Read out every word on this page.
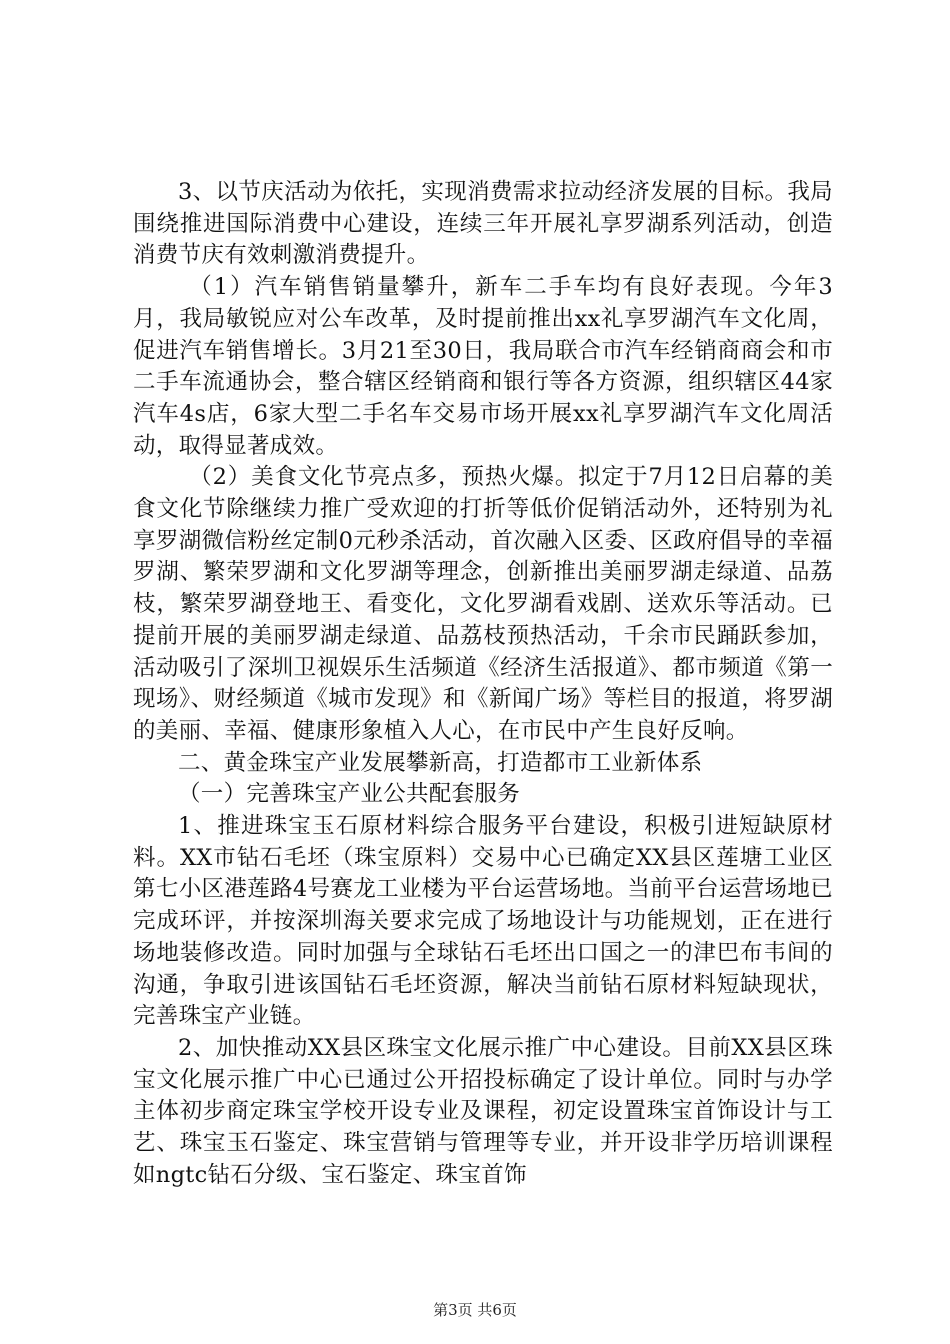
3、以节庆活动为依托，实现消费需求拉动经济发展的目标。我局围绕推进国际消费中心建设，连续三年开展礼享罗湖系列活动，创造消费节庆有效刺激消费提升。

（1）汽车销售销量攀升，新车二手车均有良好表现。今年3月，我局敏锐应对公车改革，及时提前推出xx礼享罗湖汽车文化周，促进汽车销售增长。3月21至30日，我局联合市汽车经销商商会和市二手车流通协会，整合辖区经销商和银行等各方资源，组织辖区44家汽车4s店，6家大型二手名车交易市场开展xx礼享罗湖汽车文化周活动，取得显著成效。

（2）美食文化节亮点多，预热火爆。拟定于7月12日启幕的美食文化节除继续力推广受欢迎的打折等低价促销活动外，还特别为礼享罗湖微信粉丝定制0元秒杀活动，首次融入区委、区政府倡导的幸福罗湖、繁荣罗湖和文化罗湖等理念，创新推出美丽罗湖走绿道、品荔枝，繁荣罗湖登地王、看变化，文化罗湖看戏剧、送欢乐等活动。已提前开展的美丽罗湖走绿道、品荔枝预热活动，千余市民踊跃参加，活动吸引了深圳卫视娱乐生活频道《经济生活报道》、都市频道《第一现场》、财经频道《城市发现》和《新闻广场》等栏目的报道，将罗湖的美丽、幸福、健康形象植入人心，在市民中产生良好反响。

二、黄金珠宝产业发展攀新高，打造都市工业新体系

（一）完善珠宝产业公共配套服务

1、推进珠宝玉石原材料综合服务平台建设，积极引进短缺原材料。XX市钻石毛坯（珠宝原料）交易中心已确定XX县区莲塘工业区第七小区港莲路4号赛龙工业楼为平台运营场地。当前平台运营场地已完成环评，并按深圳海关要求完成了场地设计与功能规划，正在进行场地装修改造。同时加强与全球钻石毛坯出口国之一的津巴布韦间的沟通，争取引进该国钻石毛坯资源，解决当前钻石原材料短缺现状，完善珠宝产业链。

2、加快推动XX县区珠宝文化展示推广中心建设。目前XX县区珠宝文化展示推广中心已通过公开招投标确定了设计单位。同时与办学主体初步商定珠宝学校开设专业及课程，初定设置珠宝首饰设计与工艺、珠宝玉石鉴定、珠宝营销与管理等专业，并开设非学历培训课程如ngtc钻石分级、宝石鉴定、珠宝首饰

第3页 共6页
